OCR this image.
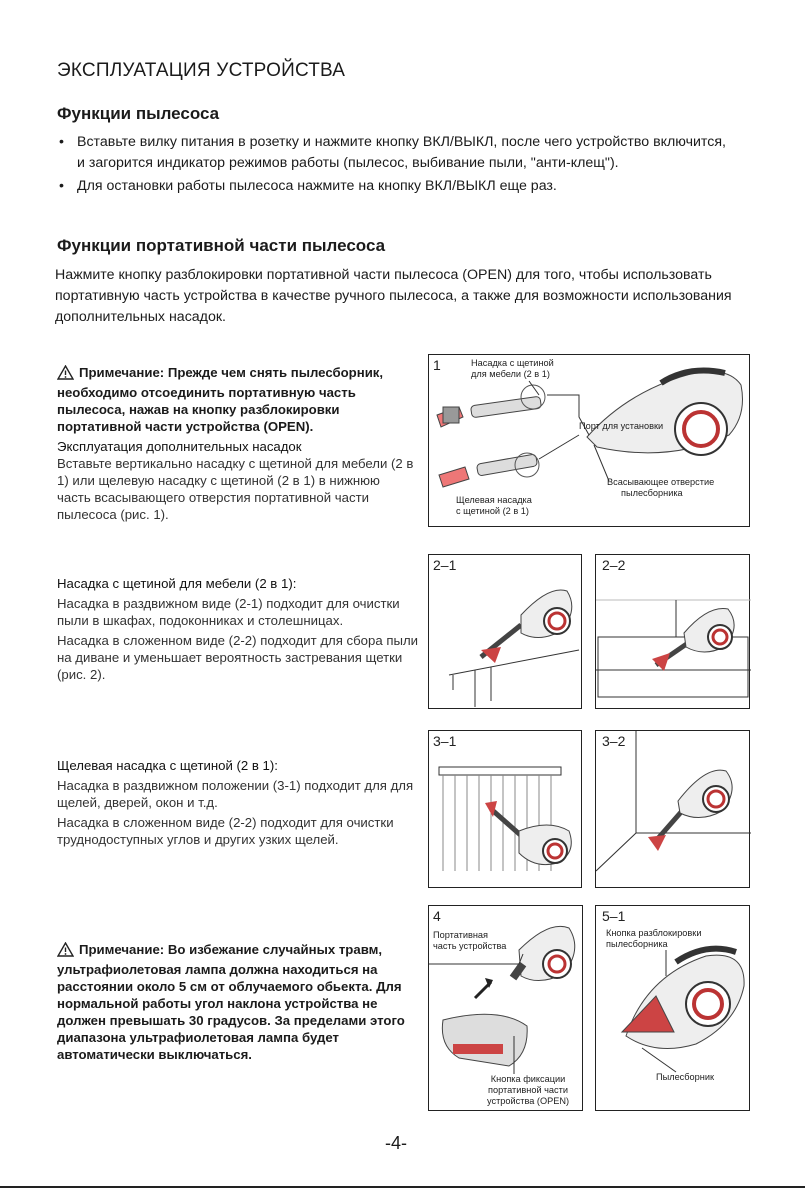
ЭКСПЛУАТАЦИЯ УСТРОЙСТВА
Функции пылесоса
• Вставьте вилку питания в розетку и нажмите кнопку ВКЛ/ВЫКЛ, после чего устройство включится, и загорится индикатор режимов работы (пылесос, выбивание пыли, "анти-клещ").
• Для остановки работы пылесоса нажмите на кнопку ВКЛ/ВЫКЛ еще раз.
Функции портативной части пылесоса
Нажмите кнопку разблокировки портативной части пылесоса (OPEN) для того, чтобы использовать портативную часть устройства в качестве ручного пылесоса, а также для возможности использования дополнительных насадок.
Примечание: Прежде чем снять пылесборник, необходимо отсоединить портативную часть пылесоса, нажав на кнопку разблокировки портативной части устройства (OPEN).
Эксплуатация дополнительных насадок
Вставьте вертикально насадку с щетиной для мебели (2 в 1) или щелевую насадку с щетиной (2 в 1) в нижнюю часть всасывающего отверстия портативной части пылесоса (рис. 1).
Насадка с щетиной для мебели (2 в 1):
Насадка в раздвижном виде (2-1) подходит для очистки пыли в шкафах, подоконниках и столешницах.
Насадка в сложенном виде (2-2) подходит для сбора пыли на диване и уменьшает вероятность застревания щетки (рис. 2).
Щелевая насадка с щетиной (2 в 1):
Насадка в раздвижном положении (3-1) подходит для для щелей, дверей, окон и т.д.
Насадка в сложенном виде (2-2) подходит для очистки труднодоступных углов и других узких щелей.
Примечание: Во избежание случайных травм, ультрафиолетовая лампа должна находиться на расстоянии около 5 см от облучаемого обьекта. Для нормальной работы угол наклона устройства не должен превышать 30 градусов. За пределами этого диапазона ультрафиолетовая лампа будет автоматически выключаться.
1	Насадка с щетиной
для мебели (2 в 1)
Порт для установки
Всасывающее отверстие
пылесборника
Щелевая насадка
с щетиной (2 в 1)
2–1	2–2
3–1	3–2
4
Портативная
часть устройства
Кнопка фиксации
портативной части
устройства (OPEN)
5–1
Кнопка разблокировки
пылесборника
Пылесборник
-4-
